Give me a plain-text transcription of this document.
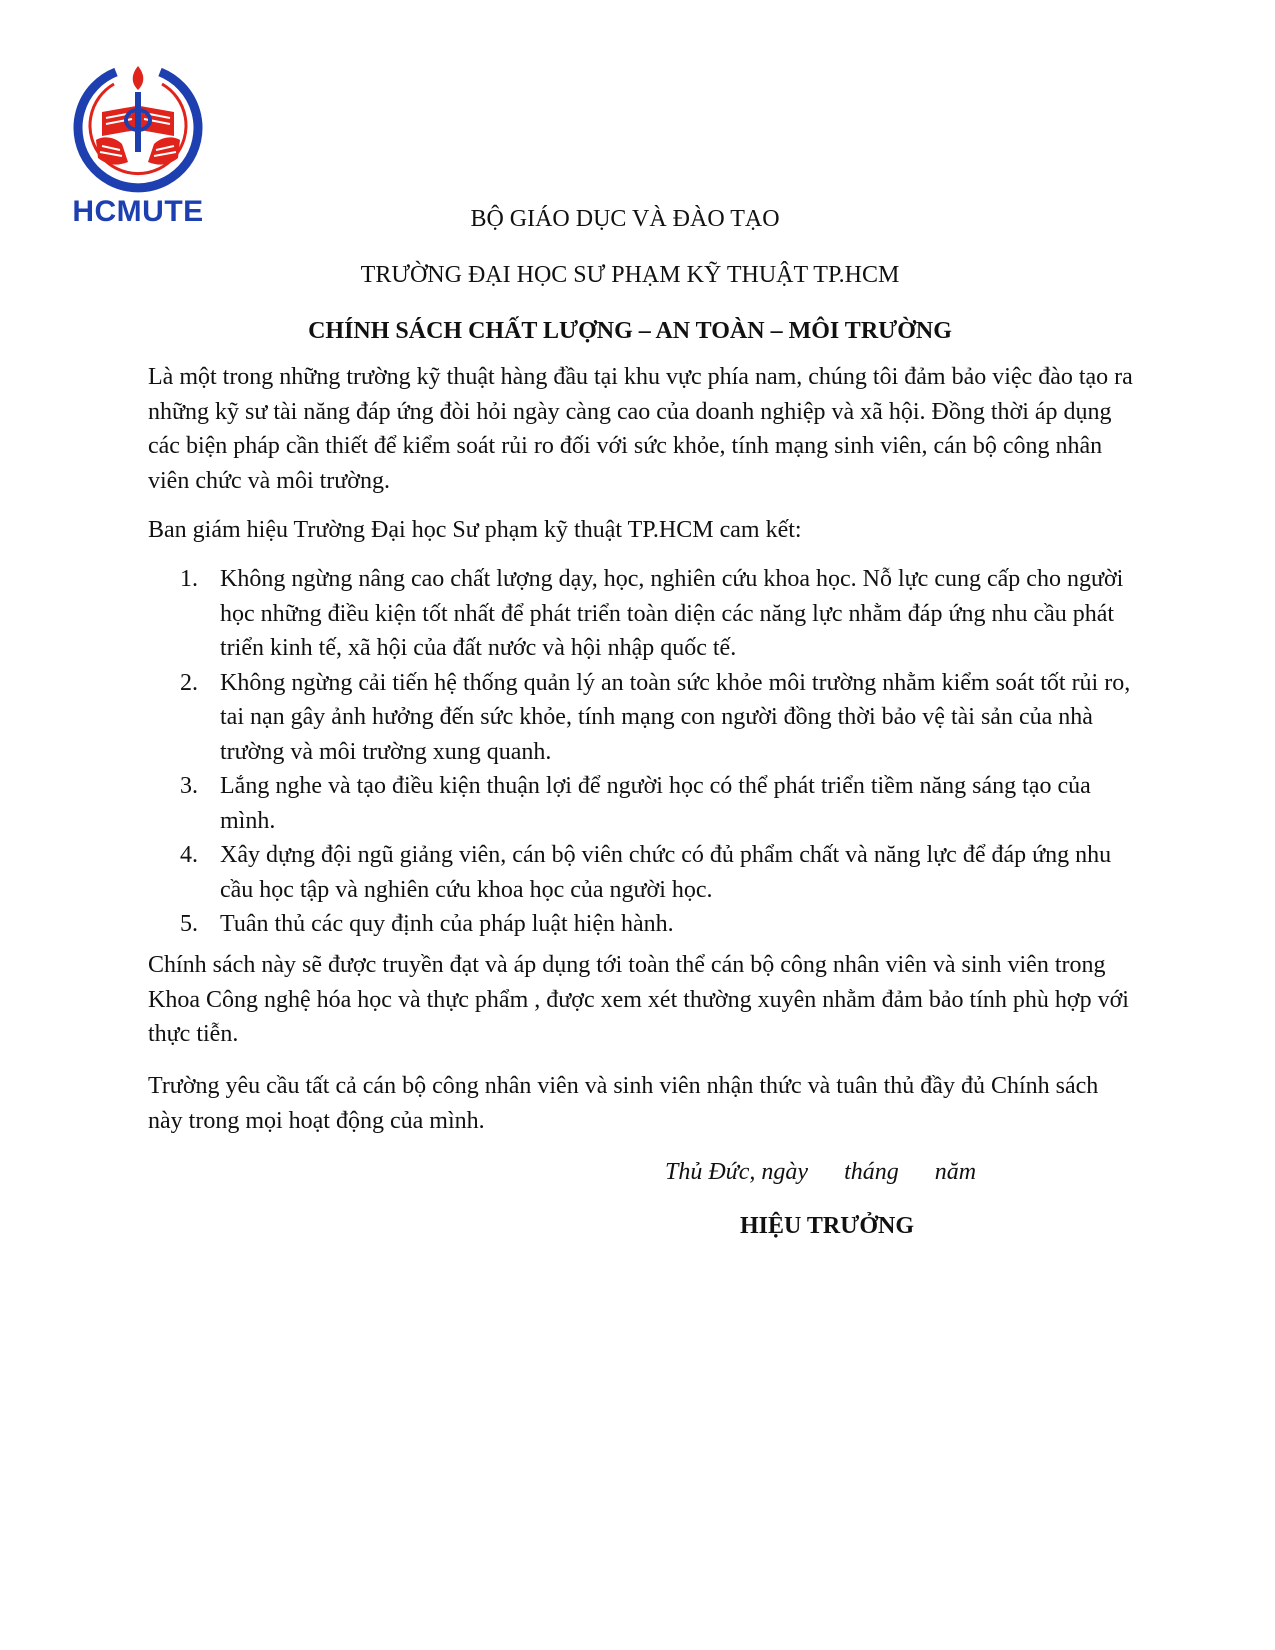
HCMUTE	BỘ GIÁO DỤC VÀ ĐÀO TẠO
TRƯỜNG ĐẠI HỌC SƯ PHẠM KỸ THUẬT TP.HCM
CHÍNH SÁCH CHẤT LƯỢNG – AN TOÀN – MÔI TRƯỜNG
Là một trong những trường kỹ thuật hàng đầu tại khu vực phía nam, chúng tôi đảm bảo việc đào tạo ra những kỹ sư tài năng đáp ứng đòi hỏi ngày càng cao của doanh nghiệp và xã hội. Đồng thời áp dụng các biện pháp cần thiết để kiểm soát rủi ro đối với sức khỏe, tính mạng sinh viên, cán bộ công nhân viên chức và môi trường.
Ban giám hiệu Trường Đại học Sư phạm kỹ thuật TP.HCM cam kết:
1. Không ngừng nâng cao chất lượng dạy, học, nghiên cứu khoa học. Nỗ lực cung cấp cho người học những điều kiện tốt nhất để phát triển toàn diện các năng lực nhằm đáp ứng nhu cầu phát triển kinh tế, xã hội của đất nước và hội nhập quốc tế.
2. Không ngừng cải tiến hệ thống quản lý an toàn sức khỏe môi trường nhằm kiểm soát tốt rủi ro, tai nạn gây ảnh hưởng đến sức khỏe, tính mạng con người đồng thời bảo vệ tài sản của nhà trường và môi trường xung quanh.
3. Lắng nghe và tạo điều kiện thuận lợi để người học có thể phát triển tiềm năng sáng tạo của mình.
4. Xây dựng đội ngũ giảng viên, cán bộ viên chức có đủ phẩm chất và năng lực để đáp ứng nhu cầu học tập và nghiên cứu khoa học của người học.
5. Tuân thủ các quy định của pháp luật hiện hành.
Chính sách này sẽ được truyền đạt và áp dụng tới toàn thể cán bộ công nhân viên và sinh viên trong Khoa Công nghệ hóa học và thực phẩm , được xem xét thường xuyên nhằm đảm bảo tính phù hợp với thực tiễn.
Trường yêu cầu tất cả cán bộ công nhân viên và sinh viên nhận thức và tuân thủ đầy đủ Chính sách này trong mọi hoạt động của mình.
Thủ Đức, ngày      tháng      năm
HIỆU TRƯỞNG
